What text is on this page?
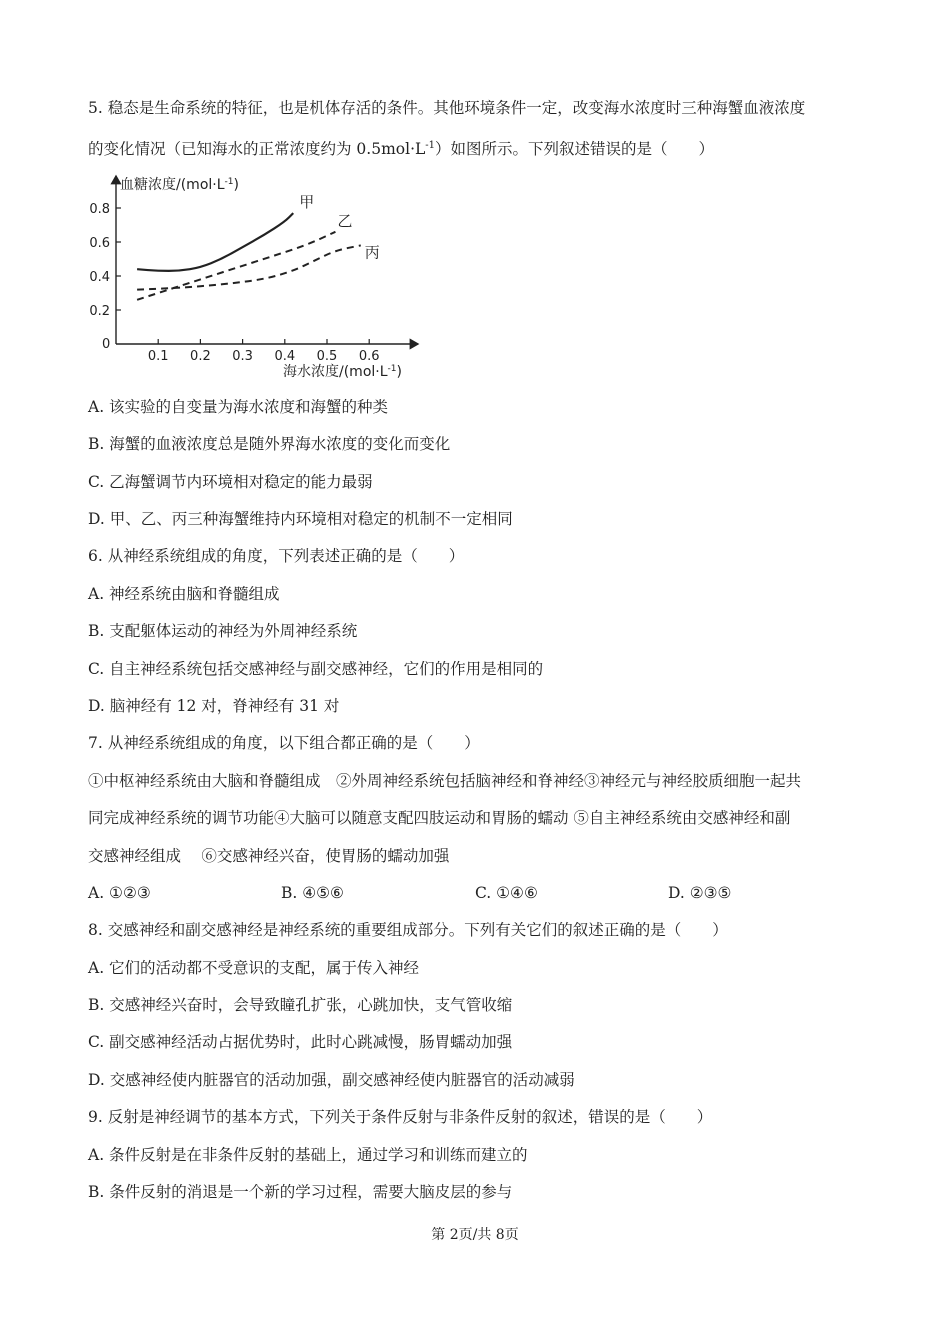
5. 稳态是生命系统的特征，也是机体存活的条件。其他环境条件一定，改变海水浓度时三种海蟹血液浓度
的变化情况（已知海水的正常浓度约为 $0.5mol\cdot L^{-1}$）如图所示。下列叙述错误的是（　　）
血糖浓度$/(mol\cdot L^{-1})$
海水浓度$/(mol\cdot L^{-1})$
0
0.1 0.2 0.3 0.4 0.5 0.6
0.2
0.4
0.6
0.8	甲
乙
丙
A. 该实验的自变量为海水浓度和海蟹的种类
B. 海蟹的血液浓度总是随外界海水浓度的变化而变化
C. 乙海蟹调节内环境相对稳定的能力最弱
D. 甲、乙、丙三种海蟹维持内环境相对稳定的机制不一定相同
6. 从神经系统组成的角度，下列表述正确的是（　　）
A. 神经系统由脑和脊髓组成
B. 支配躯体运动的神经为外周神经系统
C. 自主神经系统包括交感神经与副交感神经，它们的作用是相同的
D. 脑神经有 12 对，脊神经有 31 对
7. 从神经系统组成的角度，以下组合都正确的是（　　）
①中枢神经系统由大脑和脊髓组成　②外周神经系统包括脑神经和脊神经③神经元与神经胶质细胞一起共
同完成神经系统的调节功能④大脑可以随意支配四肢运动和胃肠的蠕动 ⑤自主神经系统由交感神经和副
交感神经组成　 ⑥交感神经兴奋，使胃肠的蠕动加强
A. ①②③	B. ④⑤⑥	C. ①④⑥	D. ②③⑤
8. 交感神经和副交感神经是神经系统的重要组成部分。下列有关它们的叙述正确的是（　　）
A. 它们的活动都不受意识的支配，属于传入神经
B. 交感神经兴奋时，会导致瞳孔扩张，心跳加快，支气管收缩
C. 副交感神经活动占据优势时，此时心跳减慢，肠胃蠕动加强
D. 交感神经使内脏器官的活动加强，副交感神经使内脏器官的活动减弱
9. 反射是神经调节的基本方式，下列关于条件反射与非条件反射的叙述，错误的是（　　）
A. 条件反射是在非条件反射的基础上，通过学习和训练而建立的
B. 条件反射的消退是一个新的学习过程，需要大脑皮层的参与
第 2页/共 8页
